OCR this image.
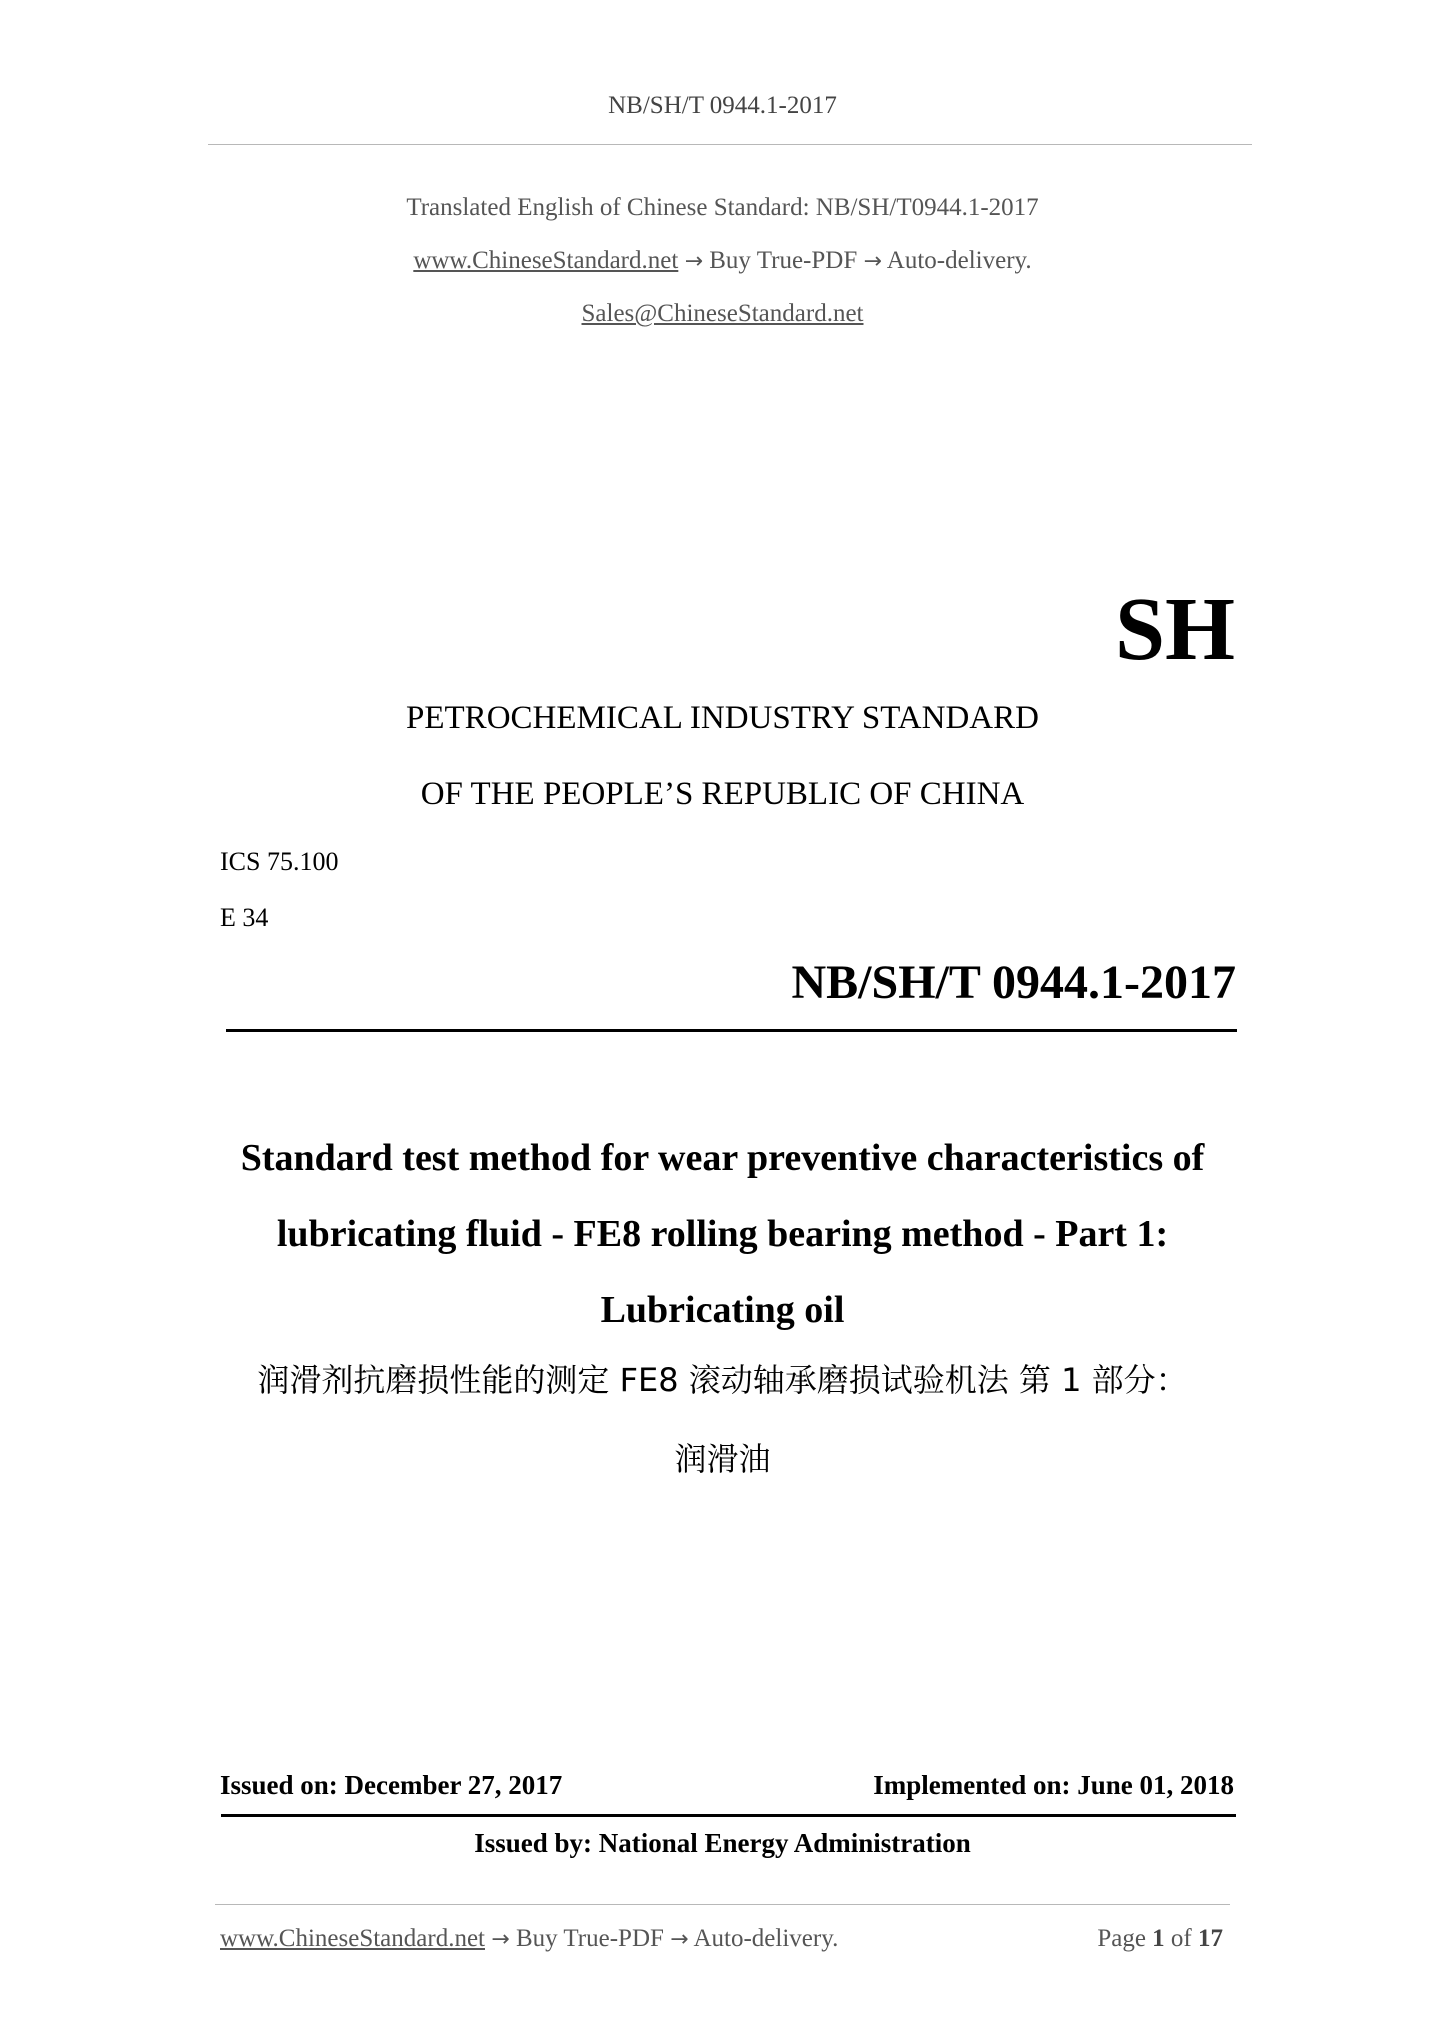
NB/SH/T 0944.1-2017
Translated English of Chinese Standard: NB/SH/T0944.1-2017
www.ChineseStandard.net → Buy True-PDF → Auto-delivery.
Sales@ChineseStandard.net
SH
PETROCHEMICAL INDUSTRY STANDARD
OF THE PEOPLE’S REPUBLIC OF CHINA
ICS 75.100
E 34
NB/SH/T 0944.1-2017
Standard test method for wear preventive characteristics of
lubricating fluid - FE8 rolling bearing method - Part 1:
Lubricating oil
润滑剂抗磨损性能的测定 FE8 滚动轴承磨损试验机法 第 1 部分：
润滑油
Issued on: December 27, 2017	Implemented on: June 01, 2018
Issued by: National Energy Administration
www.ChineseStandard.net → Buy True-PDF → Auto-delivery.	Page 1 of 17
